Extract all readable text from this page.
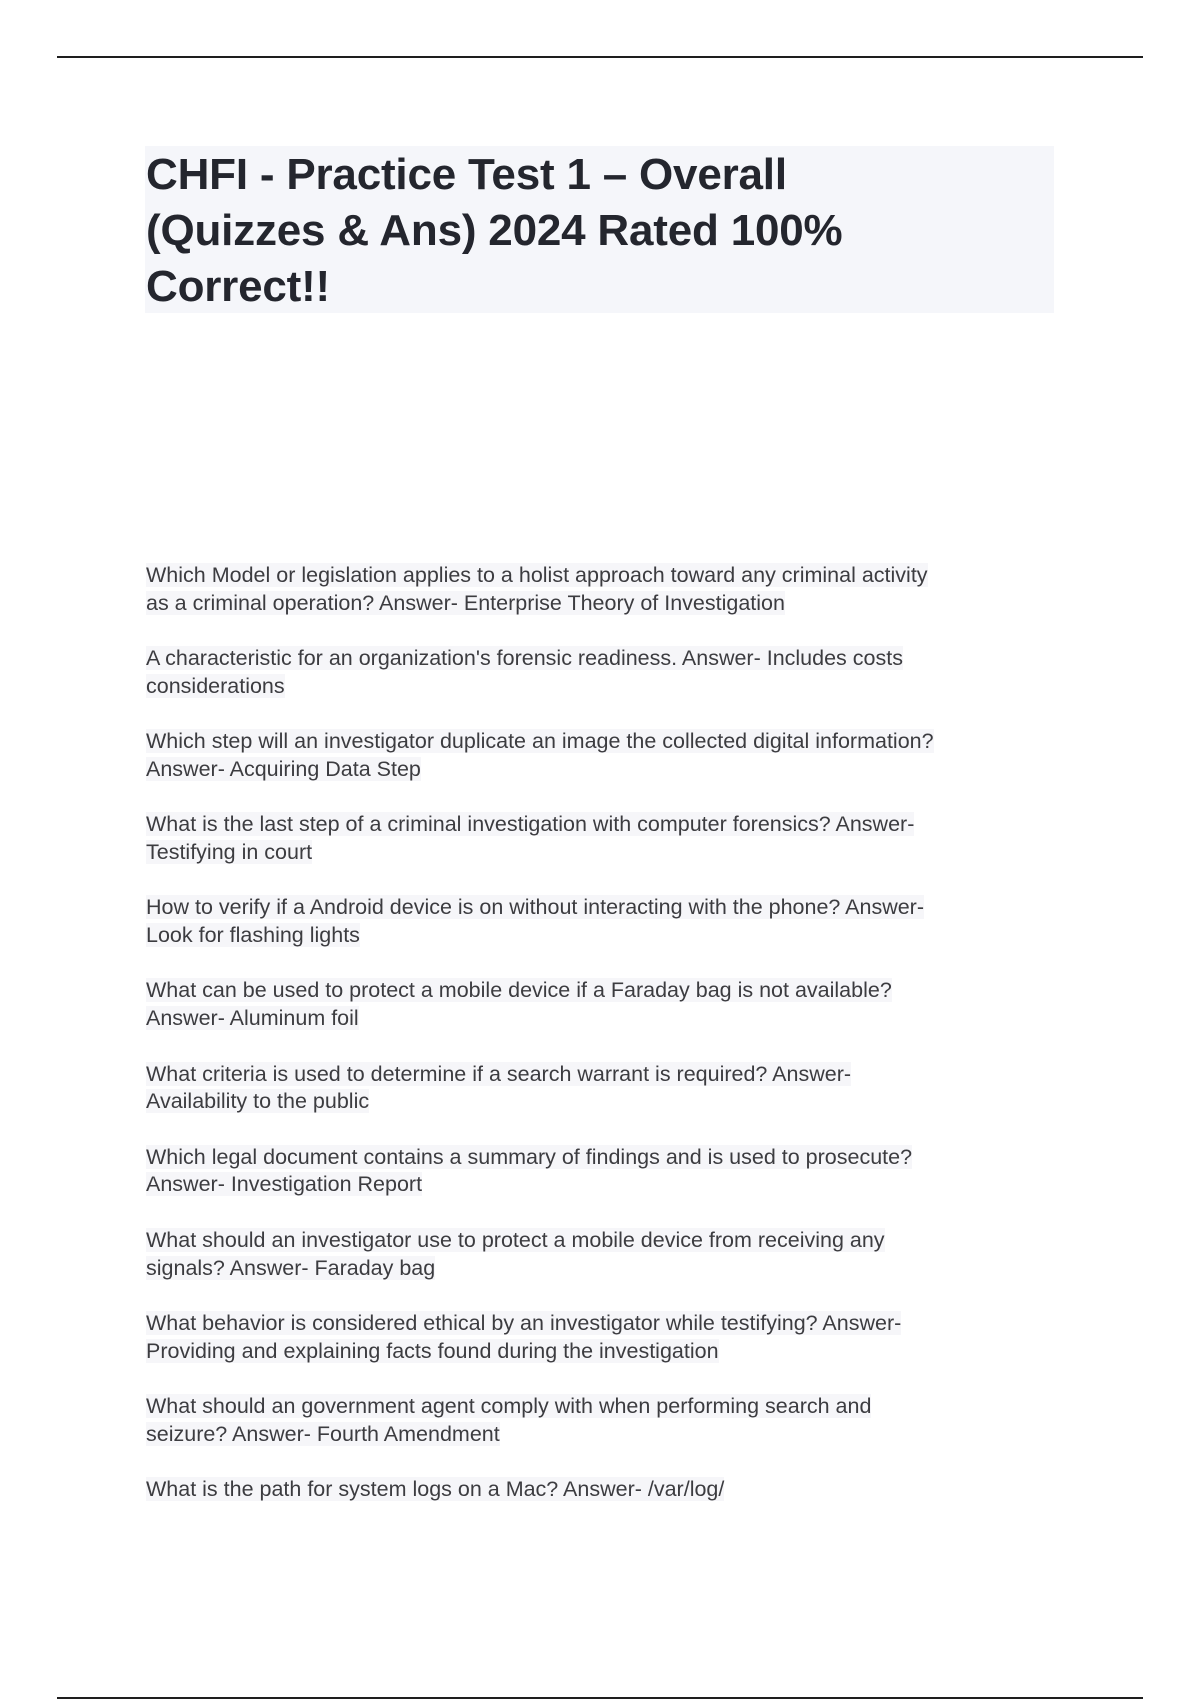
CHFI - Practice Test 1 – Overall
(Quizzes & Ans) 2024 Rated 100%
Correct!!

Which Model or legislation applies to a holist approach toward any criminal activity
as a criminal operation? Answer- Enterprise Theory of Investigation

A characteristic for an organization's forensic readiness. Answer- Includes costs
considerations

Which step will an investigator duplicate an image the collected digital information?
Answer- Acquiring Data Step

What is the last step of a criminal investigation with computer forensics? Answer-
Testifying in court

How to verify if a Android device is on without interacting with the phone? Answer-
Look for flashing lights

What can be used to protect a mobile device if a Faraday bag is not available?
Answer- Aluminum foil

What criteria is used to determine if a search warrant is required? Answer-
Availability to the public

Which legal document contains a summary of findings and is used to prosecute?
Answer- Investigation Report

What should an investigator use to protect a mobile device from receiving any
signals? Answer- Faraday bag

What behavior is considered ethical by an investigator while testifying? Answer-
Providing and explaining facts found during the investigation

What should an government agent comply with when performing search and
seizure? Answer- Fourth Amendment

What is the path for system logs on a Mac? Answer- /var/log/
